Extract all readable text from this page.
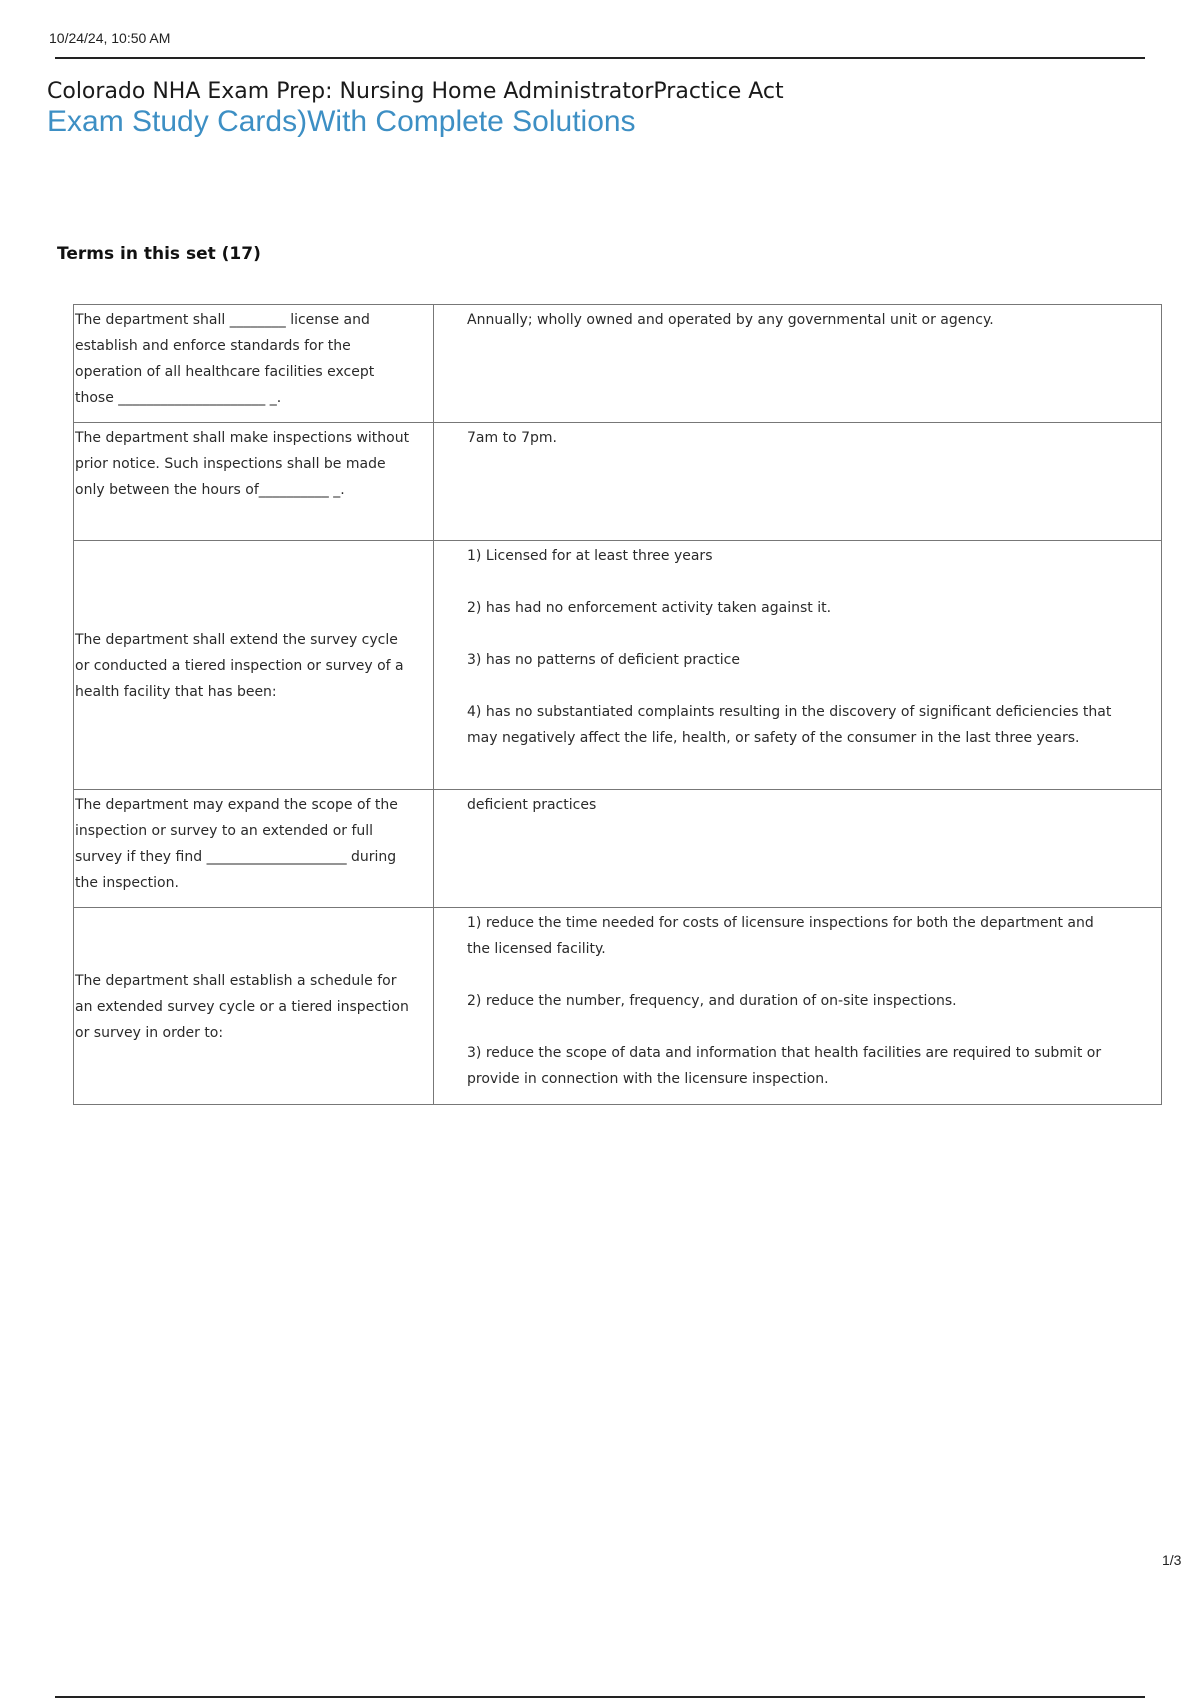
10/24/24, 10:50 AM
Colorado NHA Exam Prep: Nursing Home AdministratorPractice Act
Exam Study Cards)With Complete Solutions
Terms in this set (17)
The department shall ________ license and establish and enforce standards for the operation of all healthcare facilities except those _____________________ _.	Annually; wholly owned and operated by any governmental unit or agency.

The department shall make inspections without prior notice. Such inspections shall be made only between the hours of__________ _.	7am to 7pm.

The department shall extend the survey cycle or conducted a tiered inspection or survey of a health facility that has been:	1) Licensed for at least three years

2) has had no enforcement activity taken against it.

3) has no patterns of deficient practice

4) has no substantiated complaints resulting in the discovery of significant deficiencies that may negatively affect the life, health, or safety of the consumer in the last three years.

The department may expand the scope of the inspection or survey to an extended or full survey if they find ____________________ during the inspection.	deficient practices

The department shall establish a schedule for an extended survey cycle or a tiered inspection or survey in order to:	1) reduce the time needed for costs of licensure inspections for both the department and the licensed facility.

2) reduce the number, frequency, and duration of on-site inspections.

3) reduce the scope of data and information that health facilities are required to submit or provide in connection with the licensure inspection.

1/3
